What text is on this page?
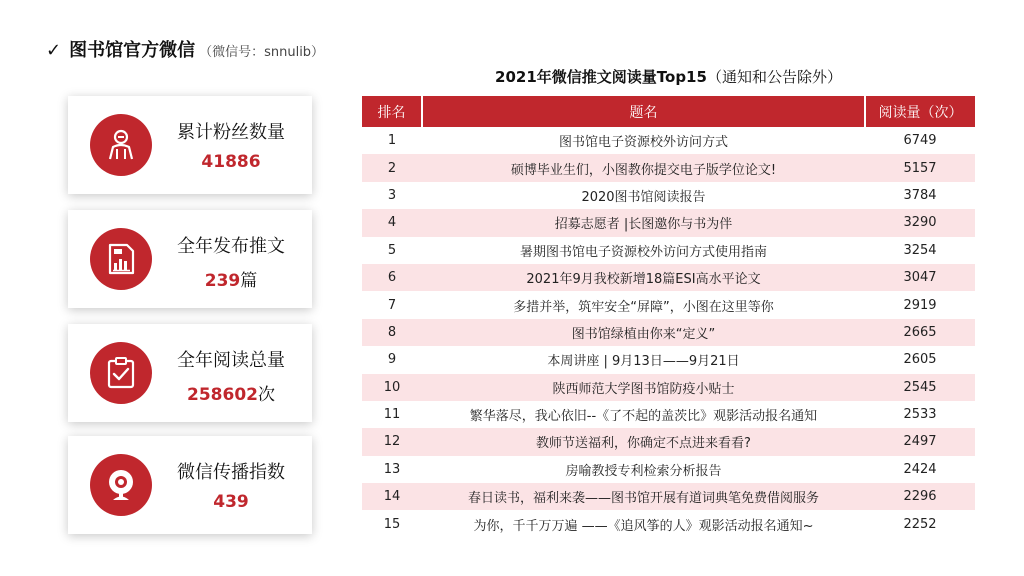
✓ 图书馆官方微信 （微信号：snnulib）
累计粉丝数量
41886
全年发布推文
239篇
全年阅读总量
258602次
微信传播指数
439
2021年微信推文阅读量Top15（通知和公告除外）
排名	题名	阅读量（次）
1	图书馆电子资源校外访问方式	6749
2	硕博毕业生们，小图教你提交电子版学位论文!	5157
3	2020图书馆阅读报告	3784
4	招募志愿者 |长图邀你与书为伴	3290
5	暑期图书馆电子资源校外访问方式使用指南	3254
6	2021年9月我校新增18篇ESI高水平论文	3047
7	多措并举，筑牢安全“屏障”，小图在这里等你	2919
8	图书馆绿植由你来“定义”	2665
9	本周讲座 | 9月13日——9月21日	2605
10	陕西师范大学图书馆防疫小贴士	2545
11	繁华落尽，我心依旧--《了不起的盖茨比》观影活动报名通知	2533
12	教师节送福利，你确定不点进来看看?	2497
13	房喻教授专利检索分析报告	2424
14	春日读书，福利来袭——图书馆开展有道词典笔免费借阅服务	2296
15	为你，千千万万遍 ——《追风筝的人》观影活动报名通知~	2252
